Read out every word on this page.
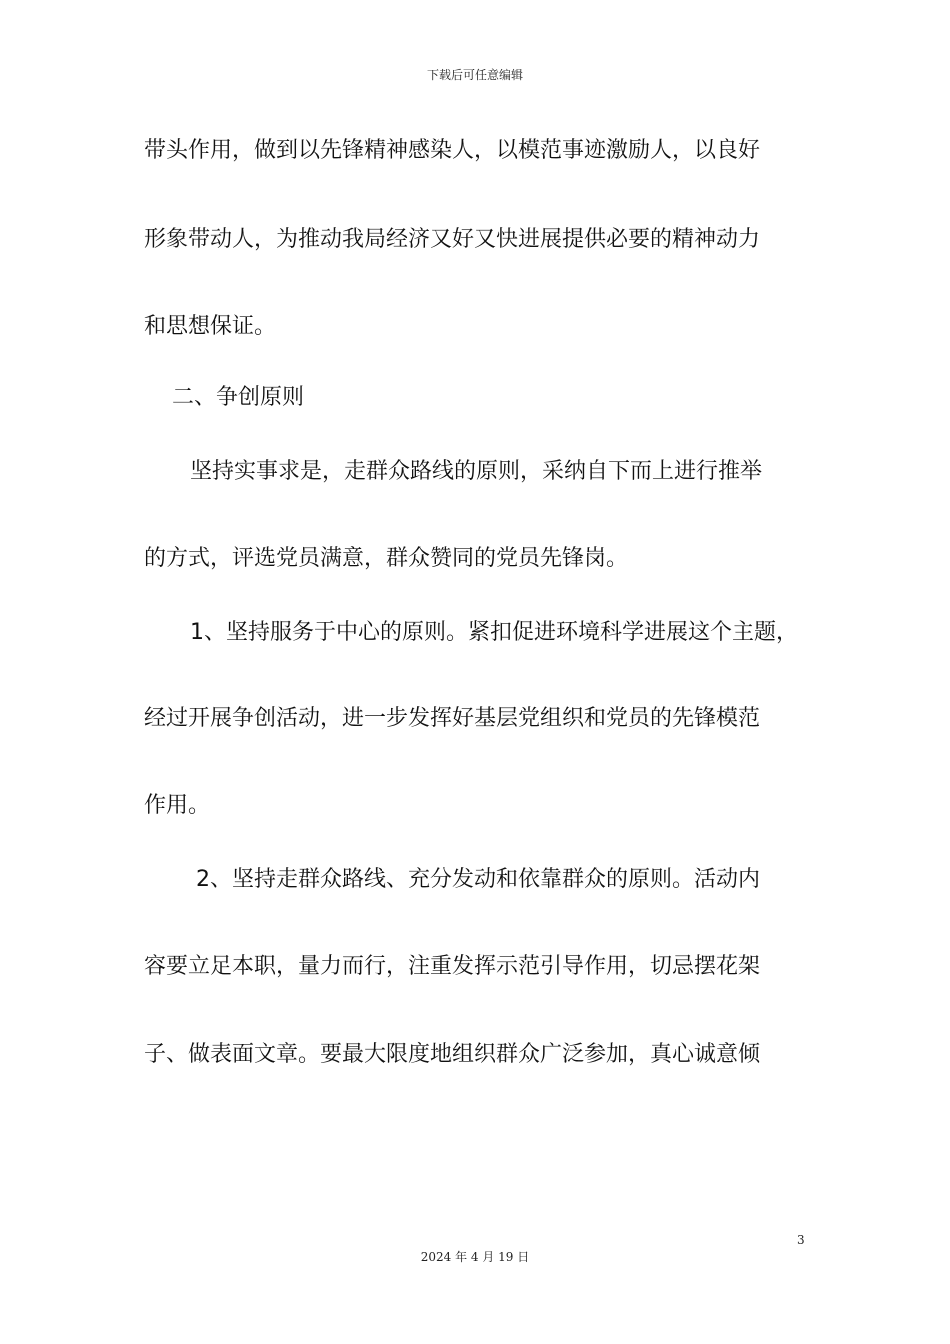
下载后可任意编辑
带头作用，做到以先锋精神感染人，以模范事迹激励人，以良好
形象带动人，为推动我局经济又好又快进展提供必要的精神动力
和思想保证。
二、争创原则
坚持实事求是，走群众路线的原则，采纳自下而上进行推举
的方式，评选党员满意，群众赞同的党员先锋岗。
1、坚持服务于中心的原则。紧扣促进环境科学进展这个主题，
经过开展争创活动，进一步发挥好基层党组织和党员的先锋模范
作用。
2、坚持走群众路线、充分发动和依靠群众的原则。活动内
容要立足本职，量力而行，注重发挥示范引导作用，切忌摆花架
子、做表面文章。要最大限度地组织群众广泛参加，真心诚意倾
3
2024 年 4 月 19 日
